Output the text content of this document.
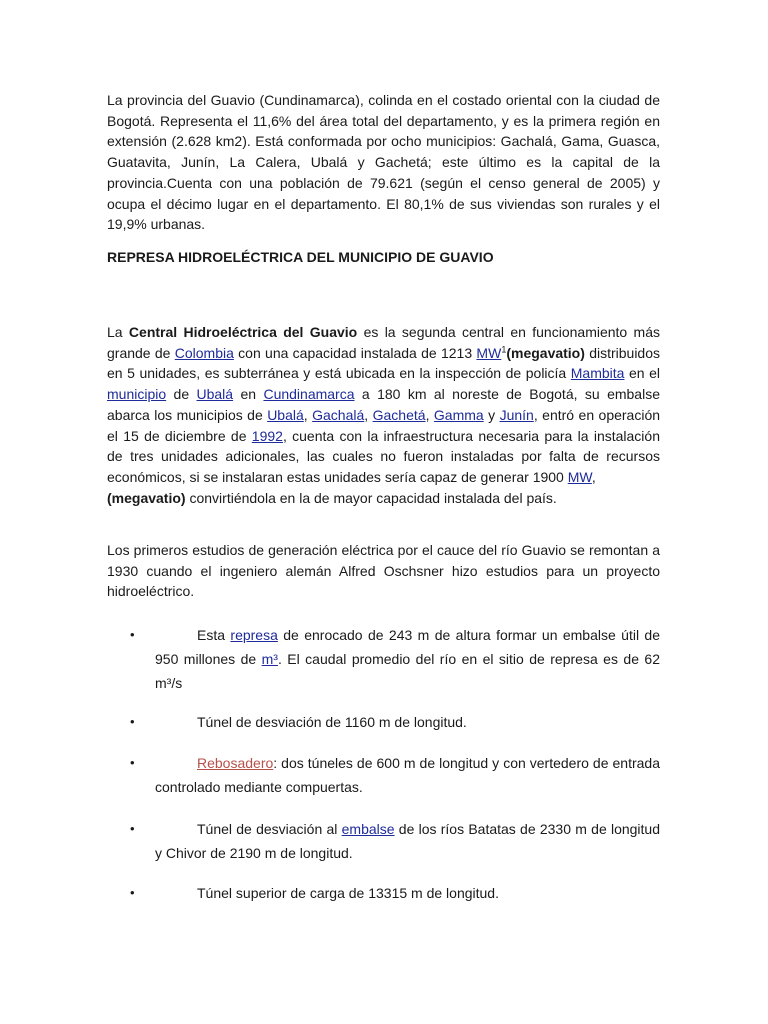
La provincia del Guavio (Cundinamarca), colinda en el costado oriental con la ciudad de Bogotá. Representa el 11,6% del área total del departamento, y es la primera región en extensión (2.628 km2). Está conformada por ocho municipios: Gachalá, Gama, Guasca, Guatavita, Junín, La Calera, Ubalá y Gachetá; este último es la capital de la provincia.Cuenta con una población de 79.621 (según el censo general de 2005) y ocupa el décimo lugar en el departamento. El 80,1% de sus viviendas son rurales y el 19,9% urbanas.

REPRESA HIDROELÉCTRICA DEL MUNICIPIO DE GUAVIO

La Central Hidroeléctrica del Guavio es la segunda central en funcionamiento más grande de Colombia con una capacidad instalada de 1213 $MW^1(megavatio)$ distribuidos en 5 unidades, es subterránea y está ubicada en la inspección de policía Mambita en el municipio de Ubalá en Cundinamarca a 180 km al noreste de Bogotá, su embalse abarca los municipios de Ubalá, Gachalá, Gachetá, Gamma y Junín, entró en operación el 15 de diciembre de 1992, cuenta con la infraestructura necesaria para la instalación de tres unidades adicionales, las cuales no fueron instaladas por falta de recursos económicos, si se instalaran estas unidades sería capaz de generar 1900 MW,
(megavatio) convirtiéndola en la de mayor capacidad instalada del país.

Los primeros estudios de generación eléctrica por el cauce del río Guavio se remontan a 1930 cuando el ingeniero alemán Alfred Oschsner hizo estudios para un proyecto hidroeléctrico.

•	Esta represa de enrocado de 243 m de altura formar un embalse útil de 950 millones de m³. El caudal promedio del río en el sitio de represa es de 62 m³/s
•	Túnel de desviación de 1160 m de longitud.
•	Rebosadero: dos túneles de 600 m de longitud y con vertedero de entrada controlado mediante compuertas.
•	Túnel de desviación al embalse de los ríos Batatas de 2330 m de longitud y Chivor de 2190 m de longitud.
•	Túnel superior de carga de 13315 m de longitud.
